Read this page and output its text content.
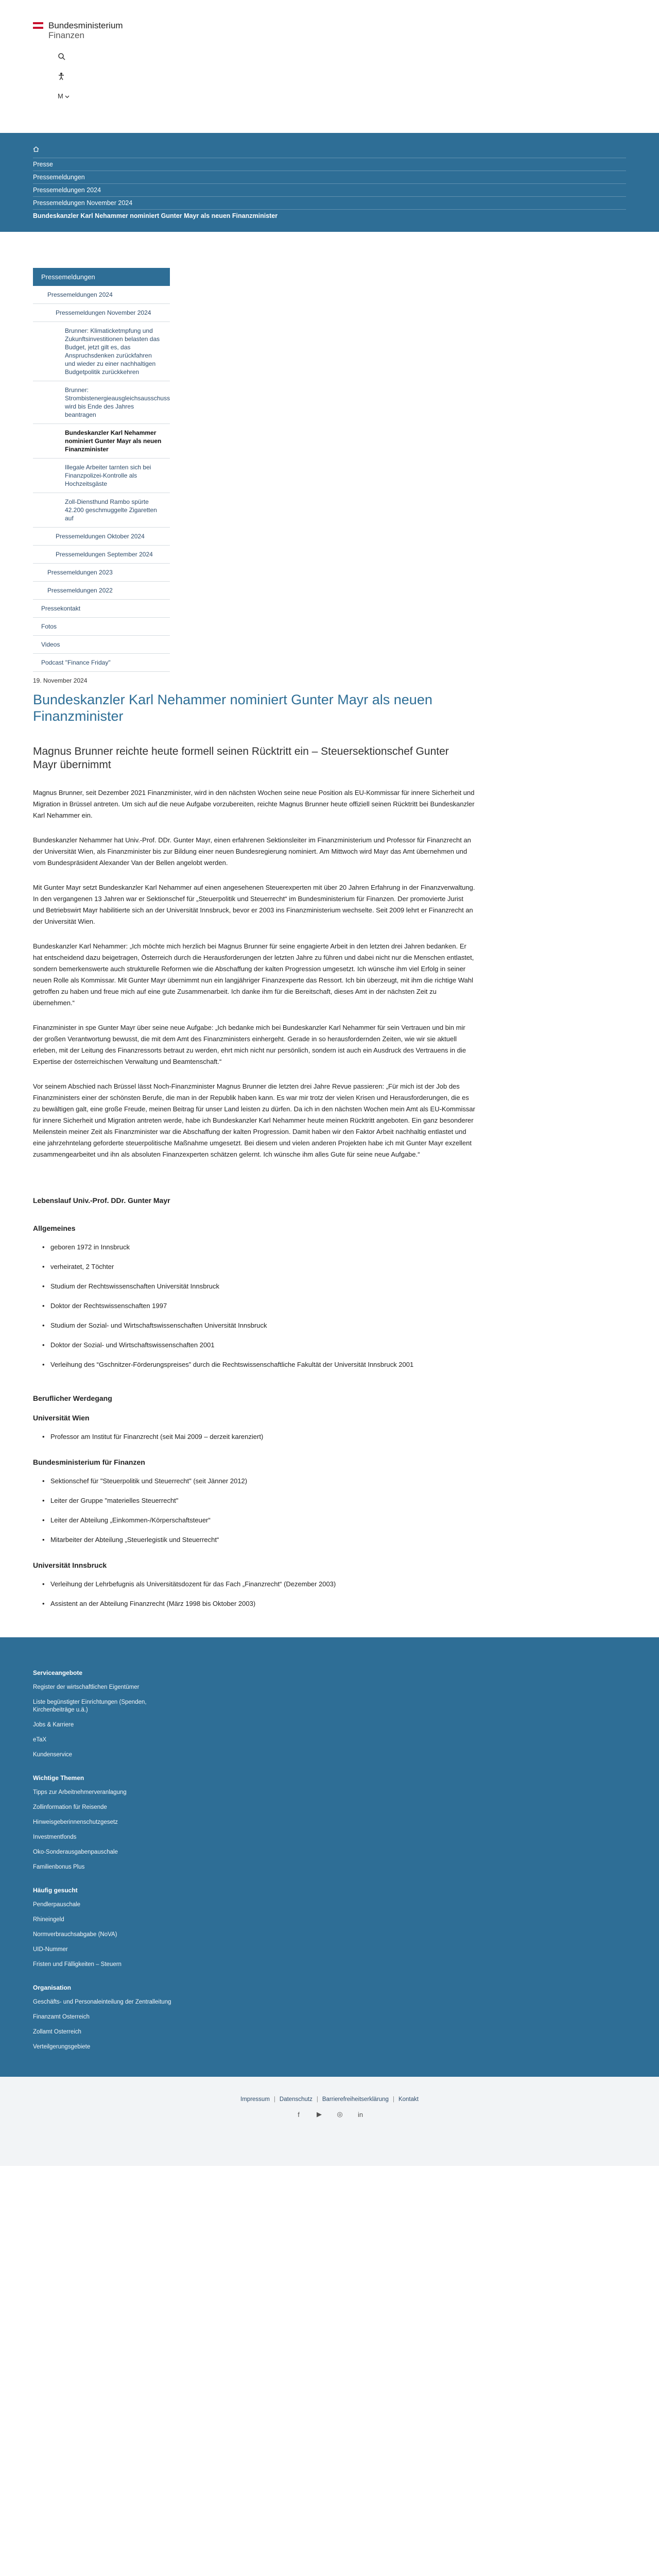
Bundesministerium
Finanzen
M
Presse
Pressemeldungen
Pressemeldungen 2024
Pressemeldungen November 2024
Bundeskanzler Karl Nehammer nominiert Gunter Mayr als neuen Finanzminister
Pressemeldungen
Pressemeldungen 2024
Pressemeldungen November 2024
Brunner: Klimaticketmpfung und Zukunftsinvestitionen belasten das Budget, jetzt gilt es, das Anspruchsdenken zurückfahren und wieder zu einer nachhaltigen Budgetpolitik zurückkehren
Brunner: Strombistenergieausgleichsausschuss wird bis Ende des Jahres beantragen
Bundeskanzler Karl Nehammer nominiert Gunter Mayr als neuen Finanzminister
Illegale Arbeiter tarnten sich bei Finanzpolizei-Kontrolle als Hochzeitsgäste
Zoll-Diensthund Rambo spürte 42.200 geschmuggelte Zigaretten auf
Pressemeldungen Oktober 2024
Pressemeldungen September 2024
Pressemeldungen 2023
Pressemeldungen 2022
Pressekontakt
Fotos
Videos
Podcast "Finance Friday"
19. November 2024
Bundeskanzler Karl Nehammer nominiert Gunter Mayr als neuen Finanzminister
Magnus Brunner reichte heute formell seinen Rücktritt ein – Steuersektionschef Gunter Mayr übernimmt

Magnus Brunner, seit Dezember 2021 Finanzminister, wird in den nächsten Wochen seine neue Position als EU-Kommissar für innere Sicherheit und Migration in Brüssel antreten. Um sich auf die neue Aufgabe vorzubereiten, reichte Magnus Brunner heute offiziell seinen Rücktritt bei Bundeskanzler Karl Nehammer ein.

Bundeskanzler Nehammer hat Univ.-Prof. DDr. Gunter Mayr, einen erfahrenen Sektionsleiter im Finanzministerium und Professor für Finanzrecht an der Universität Wien, als Finanzminister bis zur Bildung einer neuen Bundesregierung nominiert. Am Mittwoch wird Mayr das Amt übernehmen und vom Bundespräsident Alexander Van der Bellen angelobt werden.

Mit Gunter Mayr setzt Bundeskanzler Karl Nehammer auf einen angesehenen Steuerexperten mit über 20 Jahren Erfahrung in der Finanzverwaltung. In den vergangenen 13 Jahren war er Sektionschef für „Steuerpolitik und Steuerrecht“ im Bundesministerium für Finanzen. Der promovierte Jurist und Betriebswirt Mayr habilitierte sich an der Universität Innsbruck, bevor er 2003 ins Finanzministerium wechselte. Seit 2009 lehrt er Finanzrecht an der Universität Wien.

Bundeskanzler Karl Nehammer: „Ich möchte mich herzlich bei Magnus Brunner für seine engagierte Arbeit in den letzten drei Jahren bedanken. Er hat entscheidend dazu beigetragen, Österreich durch die Herausforderungen der letzten Jahre zu führen und dabei nicht nur die Menschen entlastet, sondern bemerkenswerte auch strukturelle Reformen wie die Abschaffung der kalten Progression umgesetzt. Ich wünsche ihm viel Erfolg in seiner neuen Rolle als Kommissar. Mit Gunter Mayr übernimmt nun ein langjähriger Finanzexperte das Ressort. Ich bin überzeugt, mit ihm die richtige Wahl getroffen zu haben und freue mich auf eine gute Zusammenarbeit. Ich danke ihm für die Bereitschaft, dieses Amt in der nächsten Zeit zu übernehmen.“

Finanzminister in spe Gunter Mayr über seine neue Aufgabe: „Ich bedanke mich bei Bundeskanzler Karl Nehammer für sein Vertrauen und bin mir der großen Verantwortung bewusst, die mit dem Amt des Finanzministers einhergeht. Gerade in so herausfordernden Zeiten, wie wir sie aktuell erleben, mit der Leitung des Finanzressorts betraut zu werden, ehrt mich nicht nur persönlich, sondern ist auch ein Ausdruck des Vertrauens in die Expertise der österreichischen Verwaltung und Beamtenschaft.“

Vor seinem Abschied nach Brüssel lässt Noch-Finanzminister Magnus Brunner die letzten drei Jahre Revue passieren: „Für mich ist der Job des Finanzministers einer der schönsten Berufe, die man in der Republik haben kann. Es war mir trotz der vielen Krisen und Herausforderungen, die es zu bewältigen galt, eine große Freude, meinen Beitrag für unser Land leisten zu dürfen. Da ich in den nächsten Wochen mein Amt als EU-Kommissar für innere Sicherheit und Migration antreten werde, habe ich Bundeskanzler Karl Nehammer heute meinen Rücktritt angeboten. Ein ganz besonderer Meilenstein meiner Zeit als Finanzminister war die Abschaffung der kalten Progression. Damit haben wir den Faktor Arbeit nachhaltig entlastet und eine jahrzehntelang geforderte steuerpolitische Maßnahme umgesetzt. Bei diesem und vielen anderen Projekten habe ich mit Gunter Mayr exzellent zusammengearbeitet und ihn als absoluten Finanzexperten schätzen gelernt. Ich wünsche ihm alles Gute für seine neue Aufgabe.“

Lebenslauf Univ.-Prof. DDr. Gunter Mayr
Allgemeines
• geboren 1972 in Innsbruck
• verheiratet, 2 Töchter
• Studium der Rechtswissenschaften Universität Innsbruck
• Doktor der Rechtswissenschaften 1997
• Studium der Sozial- und Wirtschaftswissenschaften Universität Innsbruck
• Doktor der Sozial- und Wirtschaftswissenschaften 2001
• Verleihung des “Gschnitzer-Förderungspreises” durch die Rechtswissenschaftliche Fakultät der Universität Innsbruck 2001
Beruflicher Werdegang
Universität Wien
• Professor am Institut für Finanzrecht (seit Mai 2009 – derzeit karenziert)
Bundesministerium für Finanzen
• Sektionschef für "Steuerpolitik und Steuerrecht" (seit Jänner 2012)
• Leiter der Gruppe "materielles Steuerrecht"
• Leiter der Abteilung „Einkommen-/Körperschaftsteuer“
• Mitarbeiter der Abteilung „Steuerlegistik und Steuerrecht“
Universität Innsbruck
• Verleihung der Lehrbefugnis als Universitätsdozent für das Fach „Finanzrecht“ (Dezember 2003)
• Assistent an der Abteilung Finanzrecht (März 1998 bis Oktober 2003)
Serviceangebote
Register der wirtschaftlichen Eigentümer
Liste begünstigter Einrichtungen (Spenden, Kirchenbeiträge u.ä.)
Jobs & Karriere
eTaX
Kundenservice
Wichtige Themen
Tipps zur Arbeitnehmerveranlagung
Zollinformation für Reisende
Hinweisgeberinnenschutzgesetz
Investmentfonds
Öko-Sonderausgabenpauschale
Familienbonus Plus
Häufig gesucht
Pendlerpauschale
Rhineingeld
Normverbrauchsabgabe (NoVA)
UID-Nummer
Fristen und Fälligkeiten – Steuern
Organisation
Geschäfts- und Personaleinteilung der Zentralleitung
Finanzamt Österreich
Zollamt Österreich
Verteilgerungsgebiete
Impressum | Datenschutz | Barrierefreiheitserklärung | Kontakt
f	▶	◎	in
